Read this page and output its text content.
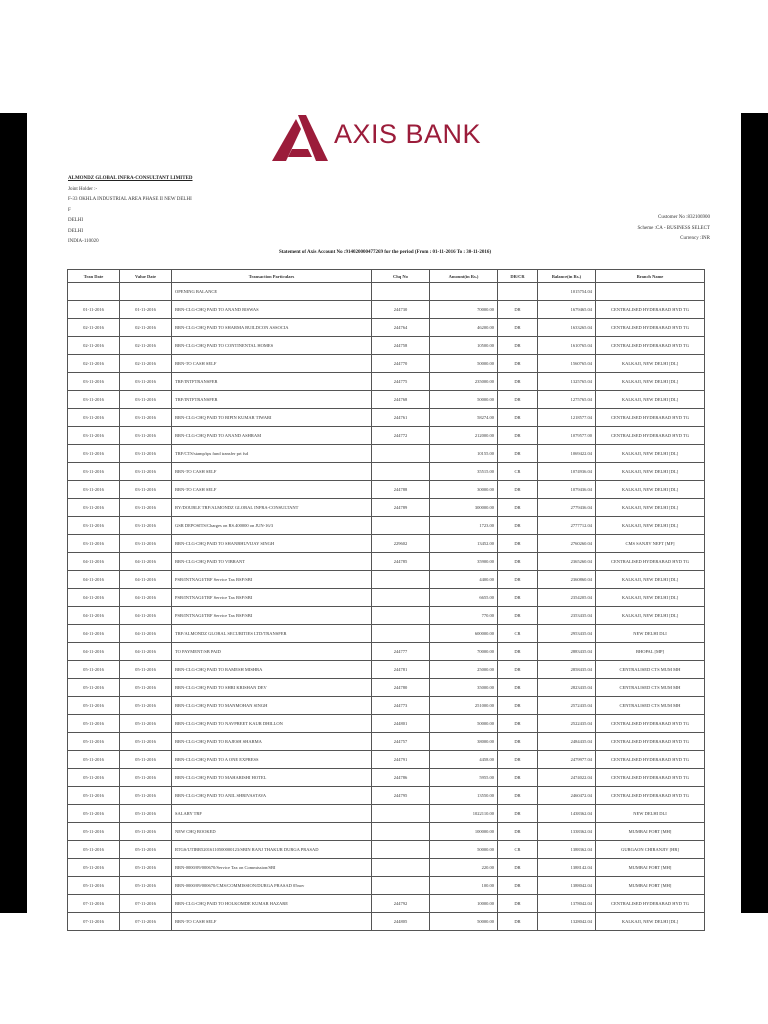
AXIS BANK
ALMONDZ GLOBAL INFRA-CONSULTANT LIMITED
Joint Holder :-
F-33 OKHLA INDUSTRIAL AREA PHASE II NEW DELHI
F
DELHI
DELHI
INDIA-110020
Customer No :832106900
Scheme :CA - BUSINESS SELECT
Currency :INR
Statement of Axis Account No :914020000477269 for the period (From : 01-11-2016 To : 30-11-2016)
Tran Date	Value Date	Transaction Particulars	Chq No	Amount(in Rs.)	DR/CR	Balance(in Rs.)	Branch Name
		OPENING BALANCE				1015754.04	
01-11-2016	01-11-2016	BRN-CLG-CHQ PAID TO ANAND BISWAS	244730	70000.00	DR	1679465.04	CENTRALISED HYDERABAD HYD TG
02-11-2016	02-11-2016	BRN-CLG-CHQ PAID TO SHARMA BUILDCON ASSOCIA	244764	46200.00	DR	1633265.04	CENTRALISED HYDERABAD HYD TG
02-11-2016	02-11-2016	BRN-CLG-CHQ PAID TO CONTINENTAL HOMES	244758	10500.00	DR	1610765.04	CENTRALISED HYDERABAD HYD TG
02-11-2016	02-11-2016	BRN-TO CASH SELF	244770	50000.00	DR	1560765.04	KALKAJI, NEW DELHI [DL]
03-11-2016	03-11-2016	TRF/INTFTRANSFER	244775	235000.00	DR	1325765.04	KALKAJI, NEW DELHI [DL]
03-11-2016	03-11-2016	TRF/INTFTRANSFER	244768	50000.00	DR	1275765.04	KALKAJI, NEW DELHI [DL]
03-11-2016	03-11-2016	BRN-CLG-CHQ PAID TO BIPIN KUMAR TIWARI	244761	58274.00	DR	1218577.04	CENTRALISED HYDERABAD HYD TG
03-11-2016	03-11-2016	BRN-CLG-CHQ PAID TO ANAND ASHRAM	244772	212000.00	DR	1079577.00	CENTRALISED HYDERABAD HYD TG
03-11-2016	03-11-2016	TRF/CTS/stamp/tps fund transfer prt fsd		10155.00	DR	1069422.04	KALKAJI, NEW DELHI [DL]
03-11-2016	03-11-2016	BRN-TO CASH SELF		35515.00	CR	1074936.04	KALKAJI, NEW DELHI [DL]
03-11-2016	03-11-2016	BRN-TO CASH SELF	244788	30000.00	DR	1079436.04	KALKAJI, NEW DELHI [DL]
03-11-2016	03-11-2016	BY/DOUBLE TRF/ALMONDZ GLOBAL INFRA-CONSULTANT	244789	300000.00	DR	2779436.04	KALKAJI, NEW DELHI [DL]
03-11-2016	03-11-2016	GSR DEPOSITS/Charges on RS.400000 on JUN-16/3		1723.00	DR	2777712.04	KALKAJI, NEW DELHI [DL]
03-11-2016	03-11-2016	BRN-CLG-CHQ PAID TO SHANBHUVIJAY SINGH	229602	13452.00	DR	2760260.04	CMS SANJIV NEFT [MF]
04-11-2016	04-11-2016	BRN-CLG-CHQ PAID TO VIBRANT	244785	35900.00	DR	2365260.04	CENTRALISED HYDERABAD HYD TG
04-11-2016	04-11-2016	PSB/INTNAGI/TRF Service Tax BSF/SBI		4400.00	DR	2360860.04	KALKAJI, NEW DELHI [DL]
04-11-2016	04-11-2016	PSB/INTNAGI/TRF Service Tax BSF/SBI		6655.00	DR	2354205.04	KALKAJI, NEW DELHI [DL]
04-11-2016	04-11-2016	PSB/INTNAGI/TRF Service Tax BSF/SBI		770.00	DR	2353435.04	KALKAJI, NEW DELHI [DL]
04-11-2016	04-11-2016	TRF/ALMONDZ GLOBAL SECURITIES LTD/TRANSFER		600000.00	CR	2953435.04	NEW DELHI DLI
04-11-2016	04-11-2016	TO PAYMENT/SB PAID	244777	70000.00	DR	2883435.04	BHOPAL [MP]
05-11-2016	05-11-2016	BRN-CLG-CHQ PAID TO RAMESH MISHRA	244781	25000.00	DR	2858435.04	CENTRALISED CTS MUM MH
05-11-2016	05-11-2016	BRN-CLG-CHQ PAID TO SHRI KRISHAN DEV	244780	35000.00	DR	2823435.04	CENTRALISED CTS MUM MH
05-11-2016	05-11-2016	BRN-CLG-CHQ PAID TO MANMOHAN SINGH	244773	251000.00	DR	2572435.04	CENTRALISED CTS MUM MH
05-11-2016	05-11-2016	BRN-CLG-CHQ PAID TO NAVPREET KAUR DHILLON	244801	50000.00	DR	2522435.04	CENTRALISED HYDERABAD HYD TG
05-11-2016	05-11-2016	BRN-CLG-CHQ PAID TO RAJESH SHARMA	244757	38000.00	DR	2484435.04	CENTRALISED HYDERABAD HYD TG
05-11-2016	05-11-2016	BRN-CLG-CHQ PAID TO A ONE EXPRESS	244791	4458.00	DR	2479977.04	CENTRALISED HYDERABAD HYD TG
05-11-2016	05-11-2016	BRN-CLG-CHQ PAID TO MAHARISHI HOTEL	244786	5955.00	DR	2474022.04	CENTRALISED HYDERABAD HYD TG
05-11-2016	05-11-2016	BRN-CLG-CHQ PAID TO ANIL SHRIVASTAVA	244795	13550.00	DR	2460472.04	CENTRALISED HYDERABAD HYD TG
05-11-2016	05-11-2016	SALARY TRF		1022110.00	DR	1438362.04	NEW DELHI DLI
05-11-2016	05-11-2016	NEW CHQ BOOKED		100000.00	DR	1338362.04	MUMBAI FORT [MH]
05-11-2016	05-11-2016	RTGS/UTIBR52016110500000123/SBIN RANJ THAKUR DURGA PRASAD		50000.00	CR	1388362.04	GURGAON CHIRANJIV [HR]
05-11-2016	05-11-2016	BRN-0000/09/000670/Service Tax on Commission/SBI		220.00	DR	1388142.04	MUMBAI FORT [MH]
05-11-2016	05-11-2016	BRN-0000/09/000670/CMS/COMMISSION/DURGA PRASAD 05nov		100.00	DR	1388042.04	MUMBAI FORT [MH]
07-11-2016	07-11-2016	BRN-CLG-CHQ PAID TO HOLKOMDE KUMAR HAZARE	244792	10000.00	DR	1378042.04	CENTRALISED HYDERABAD HYD TG
07-11-2016	07-11-2016	BRN-TO CASH SELF	244805	50000.00	DR	1328042.04	KALKAJI, NEW DELHI [DL]
